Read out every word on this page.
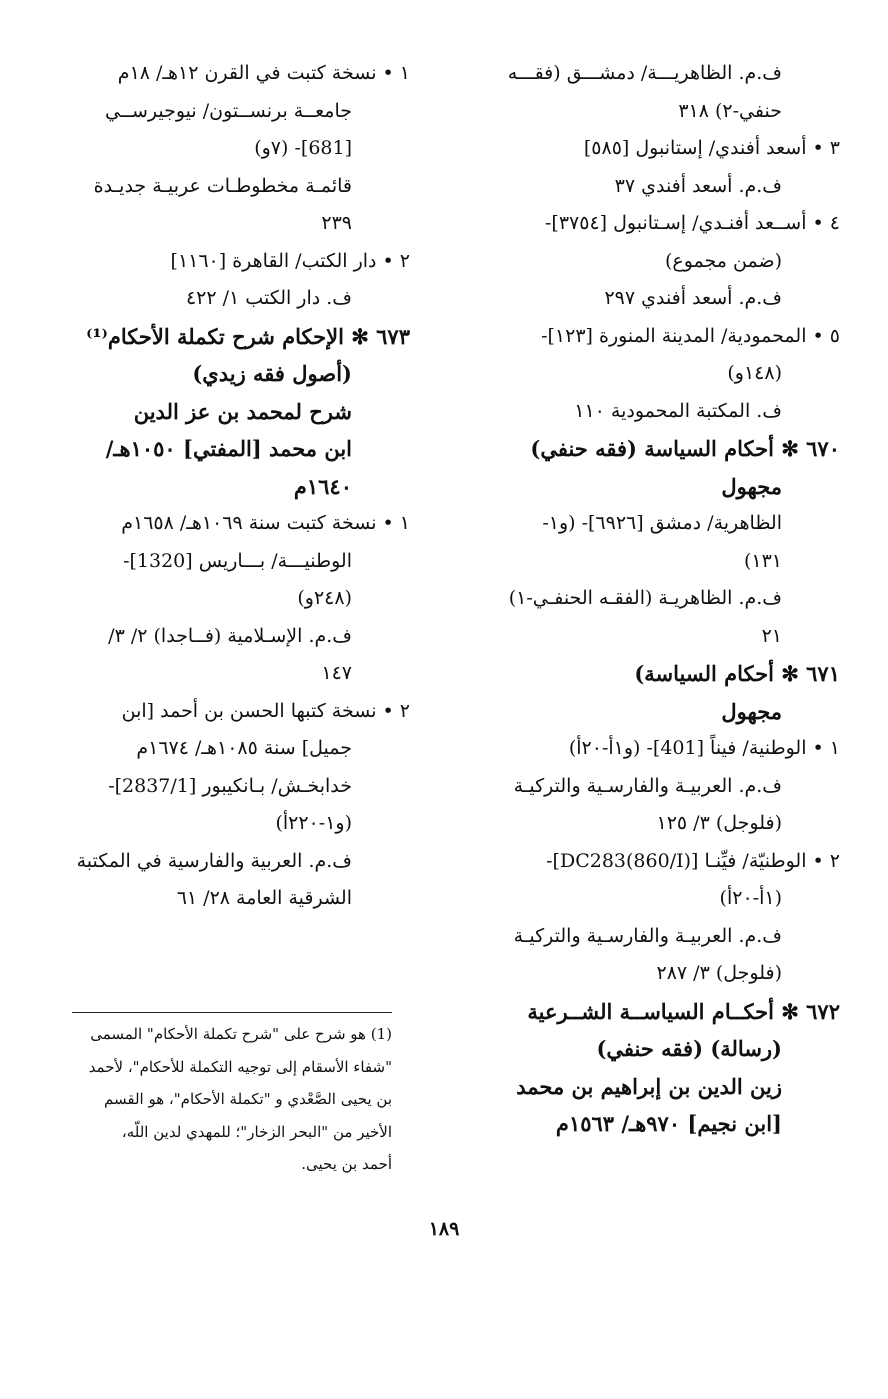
ف.م. الظاهريـــة/ دمشـــق (فقـــه
حنفي-٢) ٣١٨
٣ • أسعد أفندي/ إستانبول [٥٨٥]
ف.م. أسعد أفندي ٣٧
٤ • أســعد أفنـدي/ إسـتانبول [٣٧٥٤]-
(ضمن مجموع)
ف.م. أسعد أفندي ٢٩٧
٥ • المحمودية/ المدينة المنورة [١٢٣]-
(١٤٨و)
ف. المكتبة المحمودية ١١٠
٦٧٠ ✻ أحكام السياسة (فقه حنفي)
مجهول
الظاهرية/ دمشق [٦٩٢٦]- (و١-
١٣١)
ف.م. الظاهريـة (الفقـه الحنفـي-١)
٢١
٦٧١ ✻ أحكام السياسة)
مجهول
١ • الوطنية/ فيناً [401]- (و١أ-٢٠أ)
ف.م. العربيـة والفارسـية والتركيـة
(فلوجل) ٣/ ١٢٥
٢ • الوطنيّة/ فيِّنـا [DC283(860/I)]-
(١أ-٢٠أ)
ف.م. العربيـة والفارسـية والتركيـة
(فلوجل) ٣/ ٢٨٧
٦٧٢ ✻ أحكــام السياســة الشــرعية
(رسالة) (فقه حنفي)
زين الدين بن إبراهيم بن محمد
[ابن نجيم] ٩٧٠هـ/ ١٥٦٣م
١ • نسخة كتبت في القرن ١٢هـ/ ١٨م
جامعــة برنســتون/ نيوجيرســي
[681]- (٧و)
قائمـة مخطوطـات عربيـة جديـدة
٢٣٩
٢ • دار الكتب/ القاهرة [١١٦٠]
ف. دار الكتب ١/ ٤٢٢
٦٧٣ ✻ الإحكام شرح تكملة الأحكام⁽¹⁾
(أصول فقه زيدي)
شرح لمحمد بن عز الدين
ابن محمد [المفتي] ١٠٥٠هـ/
١٦٤٠م
١ • نسخة كتبت سنة ١٠٦٩هـ/ ١٦٥٨م
الوطنيـــة/ بـــاريس [1320]-
(٢٤٨و)
ف.م. الإسـلامية (فــاجدا) ٢/ ٣/
١٤٧
٢ • نسخة كتبها الحسن بن أحمد [ابن
جميل] سنة ١٠٨٥هـ/ ١٦٧٤م
خدابخـش/ بـانكيبور [2837/1]-
(و١-٢٢٠أ)
ف.م. العربية والفارسية في المكتبة
الشرقية العامة ٢٨/ ٦١
(1) هو شرح على "شرح تكملة الأحكام" المسمى
"شفاء الأسقام إلى توجيه التكملة للأحكام"، لأحمد
بن يحيى الصَّعْدي و "تكملة الأحكام"، هو القسم
الأخير من "البحر الزخار"؛ للمهدي لدين اللّه،
أحمد بن يحيى.
١٨٩
